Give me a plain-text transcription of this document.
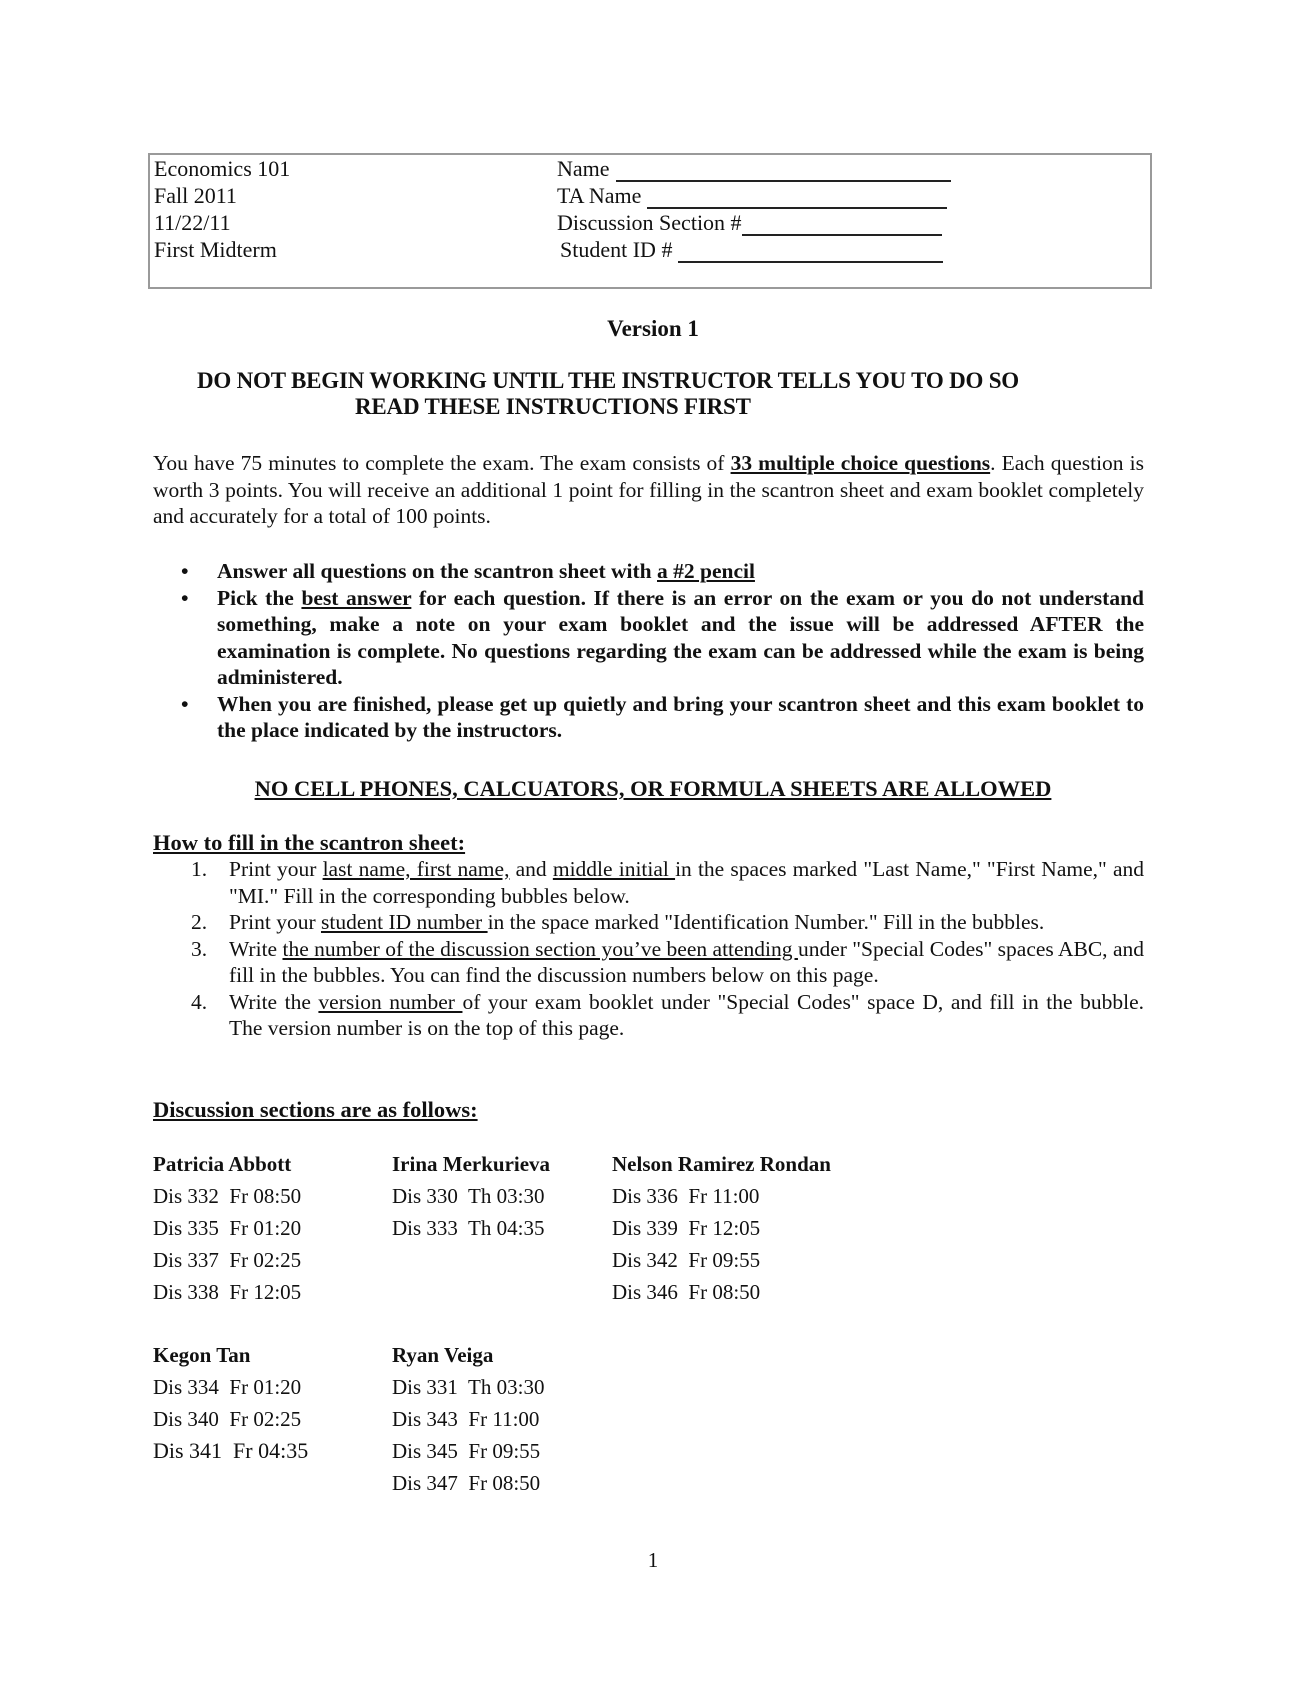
Economics 101
Fall 2011
11/22/11
First Midterm
Name
TA Name
Discussion Section #
Student ID #
Version 1
DO NOT BEGIN WORKING UNTIL THE INSTRUCTOR TELLS YOU TO DO SO
READ THESE INSTRUCTIONS FIRST
You have 75 minutes to complete the exam. The exam consists of 33 multiple choice questions. Each question is worth 3 points. You will receive an additional 1 point for filling in the scantron sheet and exam booklet completely and accurately for a total of 100 points.
• Answer all questions on the scantron sheet with a #2 pencil
• Pick the best answer for each question. If there is an error on the exam or you do not understand something, make a note on your exam booklet and the issue will be addressed AFTER the examination is complete. No questions regarding the exam can be addressed while the exam is being administered.
• When you are finished, please get up quietly and bring your scantron sheet and this exam booklet to the place indicated by the instructors.
NO CELL PHONES, CALCUATORS, OR FORMULA SHEETS ARE ALLOWED
How to fill in the scantron sheet:
1. Print your last name, first name, and middle initial in the spaces marked "Last Name," "First Name," and "MI." Fill in the corresponding bubbles below.
2. Print your student ID number in the space marked "Identification Number." Fill in the bubbles.
3. Write the number of the discussion section you’ve been attending under "Special Codes" spaces ABC, and fill in the bubbles. You can find the discussion numbers below on this page.
4. Write the version number of your exam booklet under "Special Codes" space D, and fill in the bubble. The version number is on the top of this page.
Discussion sections are as follows:
Patricia Abbott
Dis 332  Fr 08:50
Dis 335  Fr 01:20
Dis 337  Fr 02:25
Dis 338  Fr 12:05
Irina Merkurieva
Dis 330  Th 03:30
Dis 333  Th 04:35
Nelson Ramirez Rondan
Dis 336  Fr 11:00
Dis 339  Fr 12:05
Dis 342  Fr 09:55
Dis 346  Fr 08:50
Kegon Tan
Dis 334  Fr 01:20
Dis 340  Fr 02:25
Dis 341  Fr 04:35
Ryan Veiga
Dis 331  Th 03:30
Dis 343  Fr 11:00
Dis 345  Fr 09:55
Dis 347  Fr 08:50
1
